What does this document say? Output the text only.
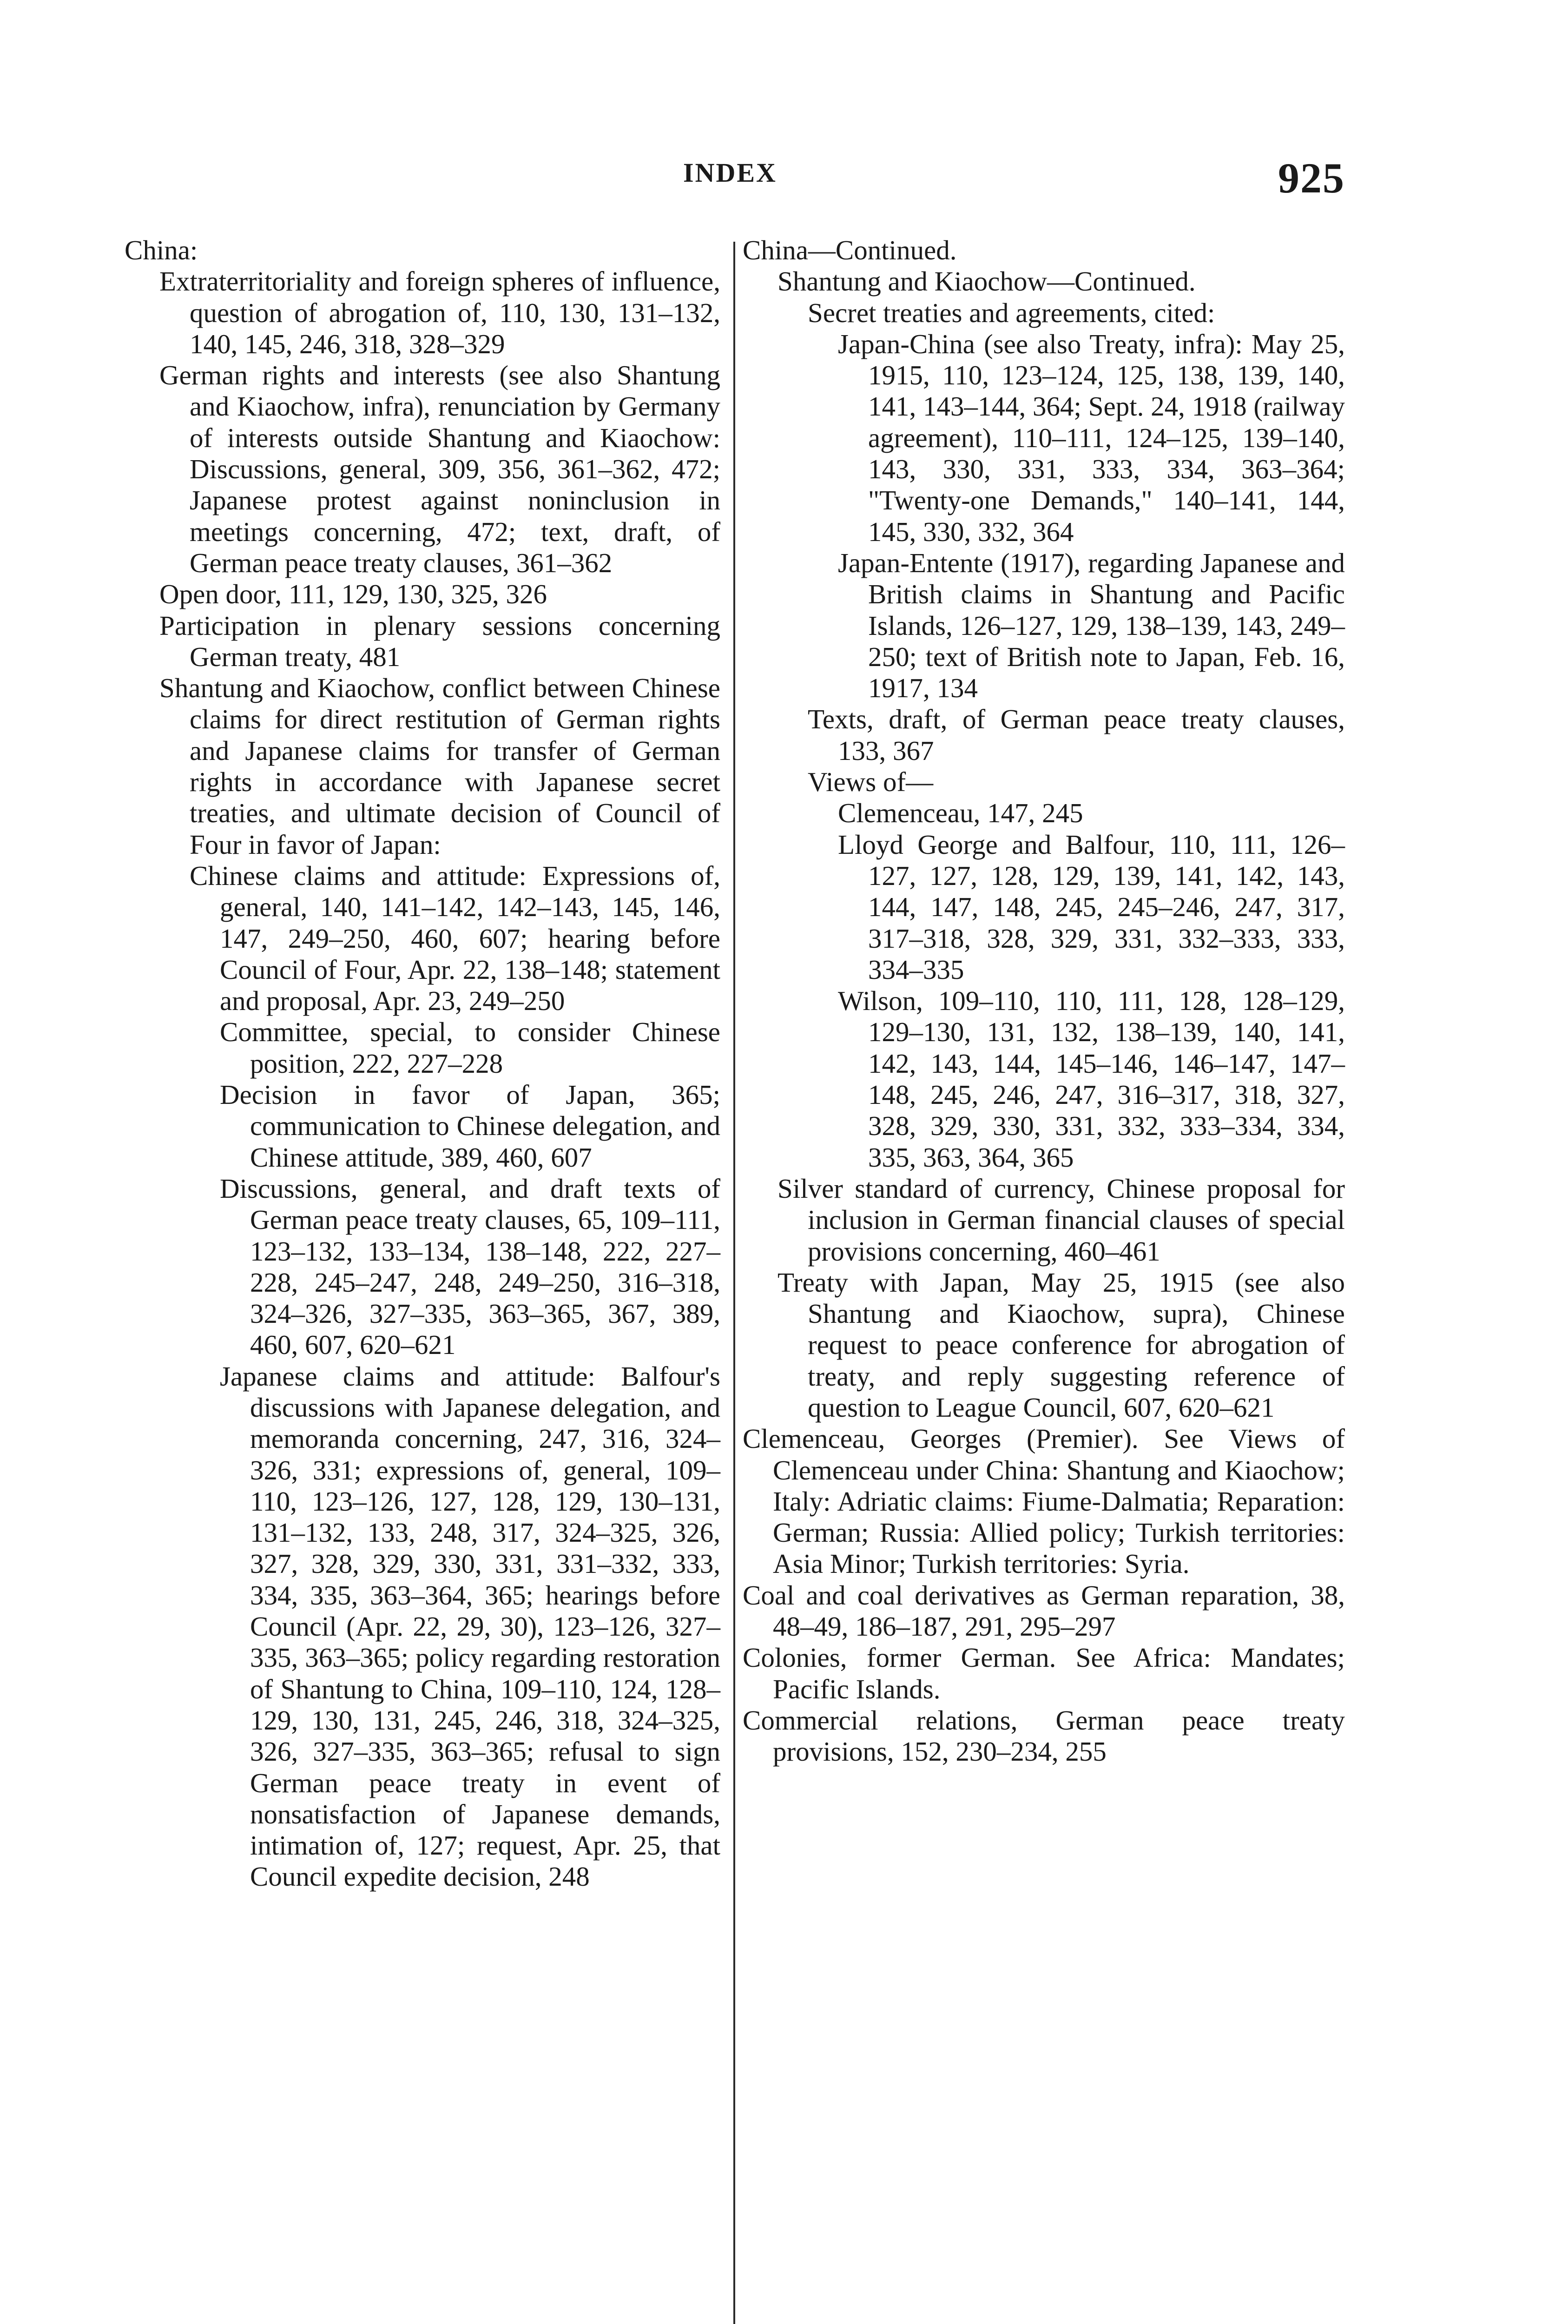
INDEX	925

China:

Extraterritoriality and foreign spheres of influence, question of abrogation of, 110, 130, 131–132, 140, 145, 246, 318, 328–329

German rights and interests (see also Shantung and Kiaochow, infra), renunciation by Germany of interests outside Shantung and Kiaochow: Discussions, general, 309, 356, 361–362, 472; Japanese protest against noninclusion in meetings concerning, 472; text, draft, of German peace treaty clauses, 361–362

Open door, 111, 129, 130, 325, 326

Participation in plenary sessions concerning German treaty, 481

Shantung and Kiaochow, conflict between Chinese claims for direct restitution of German rights and Japanese claims for transfer of German rights in accordance with Japanese secret treaties, and ultimate decision of Council of Four in favor of Japan:

Chinese claims and attitude: Expressions of, general, 140, 141–142, 142–143, 145, 146, 147, 249–250, 460, 607; hearing before Council of Four, Apr. 22, 138–148; statement and proposal, Apr. 23, 249–250

Committee, special, to consider Chinese position, 222, 227–228

Decision in favor of Japan, 365; communication to Chinese delegation, and Chinese attitude, 389, 460, 607

Discussions, general, and draft texts of German peace treaty clauses, 65, 109–111, 123–132, 133–134, 138–148, 222, 227–228, 245–247, 248, 249–250, 316–318, 324–326, 327–335, 363–365, 367, 389, 460, 607, 620–621

Japanese claims and attitude: Balfour's discussions with Japanese delegation, and memoranda concerning, 247, 316, 324–326, 331; expressions of, general, 109–110, 123–126, 127, 128, 129, 130–131, 131–132, 133, 248, 317, 324–325, 326, 327, 328, 329, 330, 331, 331–332, 333, 334, 335, 363–364, 365; hearings before Council (Apr. 22, 29, 30), 123–126, 327–335, 363–365; policy regarding restoration of Shantung to China, 109–110, 124, 128–129, 130, 131, 245, 246, 318, 324–325, 326, 327–335, 363–365; refusal to sign German peace treaty in event of nonsatisfaction of Japanese demands, intimation of, 127; request, Apr. 25, that Council expedite decision, 248

China—Continued.

Shantung and Kiaochow—Continued.

Secret treaties and agreements, cited:

Japan-China (see also Treaty, infra): May 25, 1915, 110, 123–124, 125, 138, 139, 140, 141, 143–144, 364; Sept. 24, 1918 (railway agreement), 110–111, 124–125, 139–140, 143, 330, 331, 333, 334, 363–364; "Twenty-one Demands," 140–141, 144, 145, 330, 332, 364

Japan-Entente (1917), regarding Japanese and British claims in Shantung and Pacific Islands, 126–127, 129, 138–139, 143, 249–250; text of British note to Japan, Feb. 16, 1917, 134

Texts, draft, of German peace treaty clauses, 133, 367

Views of—

Clemenceau, 147, 245

Lloyd George and Balfour, 110, 111, 126–127, 127, 128, 129, 139, 141, 142, 143, 144, 147, 148, 245, 245–246, 247, 317, 317–318, 328, 329, 331, 332–333, 333, 334–335

Wilson, 109–110, 110, 111, 128, 128–129, 129–130, 131, 132, 138–139, 140, 141, 142, 143, 144, 145–146, 146–147, 147–148, 245, 246, 247, 316–317, 318, 327, 328, 329, 330, 331, 332, 333–334, 334, 335, 363, 364, 365

Silver standard of currency, Chinese proposal for inclusion in German financial clauses of special provisions concerning, 460–461

Treaty with Japan, May 25, 1915 (see also Shantung and Kiaochow, supra), Chinese request to peace conference for abrogation of treaty, and reply suggesting reference of question to League Council, 607, 620–621

Clemenceau, Georges (Premier). See Views of Clemenceau under China: Shantung and Kiaochow; Italy: Adriatic claims: Fiume-Dalmatia; Reparation: German; Russia: Allied policy; Turkish territories: Asia Minor; Turkish territories: Syria.

Coal and coal derivatives as German reparation, 38, 48–49, 186–187, 291, 295–297

Colonies, former German. See Africa: Mandates; Pacific Islands.

Commercial relations, German peace treaty provisions, 152, 230–234, 255
